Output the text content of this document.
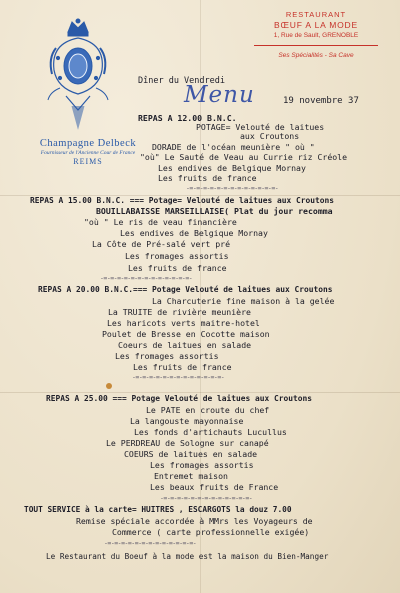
Champagne Delbeck
Fournisseur de l'Ancienne Cour de France
REIMS
RESTAURANT
BŒUF A LA MODE
1, Rue de Sault, GRENOBLE
Ses Spécialités - Sa Cave
Dîner du Vendredi
Menu	19 novembre 37
REPAS A 12.00 B.N.C.
POTAGE= Velouté de laitues
aux Croutons
DORADE de l'océan meunière " où "
"où" Le Sauté de Veau au Currie riz Créole
Les endives de Belgique Mornay
Les fruits de france
-=-=-=-=-=-=-=-=-=-=-=-=-=-
REPAS A 15.00 B.N.C. === Potage= Velouté de laitues aux Croutons
BOUILLABAISSE MARSEILLAISE( Plat du jour recomma
"où " Le ris de veau financière
Les endives de Belgique Mornay
La Côte de Pré-salé vert pré
Les fromages assortis
Les fruits de france
-=-=-=-=-=-=-=-=-=-=-=-=-=-
REPAS A 20.00 B.N.C.=== Potage Velouté de laitues aux Croutons
La Charcuterie fine maison à la gelée
La TRUITE de rivière meunière
Les haricots verts maitre-hotel
Poulet de Bresse en Cocotte maison
Coeurs de laitues en salade
Les fromages assortis
Les fruits de france
-=-=-=-=-=-=-=-=-=-=-=-=-=-
REPAS A 25.00 === Potage Velouté de laitues aux Croutons
Le PATE en croute du chef
La langouste mayonnaise
Les fonds d'artichauts Lucullus
Le PERDREAU de Sologne sur canapé
COEURS de laitues en salade
Les fromages assortis
Entremet maison
Les beaux fruits de France
-=-=-=-=-=-=-=-=-=-=-=-=-=-
TOUT SERVICE à la carte= HUITRES , ESCARGOTS la douz 7.00
Remise spéciale accordée à MMrs les Voyageurs de
Commerce ( carte professionnelle exigée)
-=-=-=-=-=-=-=-=-=-=-=-=-=-
Le Restaurant du Boeuf à la mode est la maison du Bien-Manger
